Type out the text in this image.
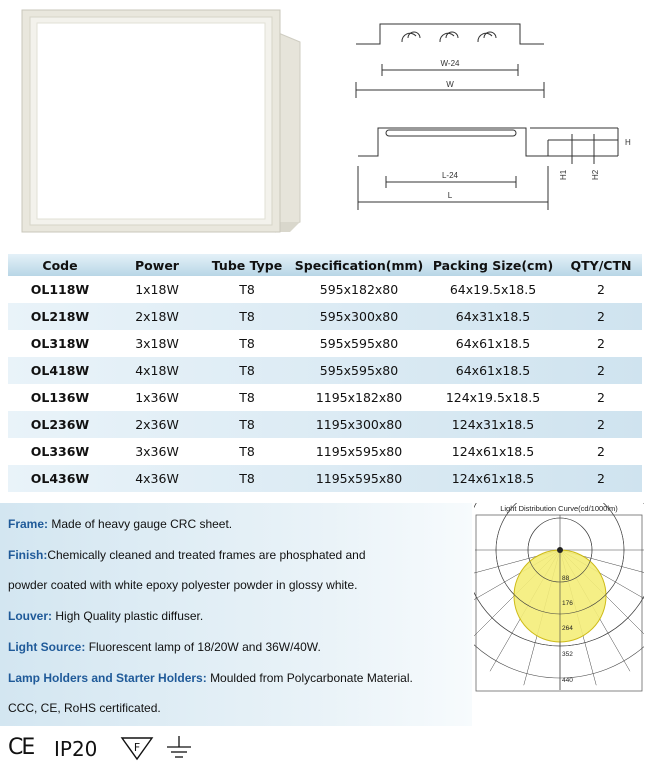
W-24
W
H
H1	H2
L-24
L
Code	Power	Tube Type	Specification(mm)	Packing Size(cm)	QTY/CTN
OL118W	1x18W	T8	595x182x80	64x19.5x18.5	2
OL218W	2x18W	T8	595x300x80	64x31x18.5	2
OL318W	3x18W	T8	595x595x80	64x61x18.5	2
OL418W	4x18W	T8	595x595x80	64x61x18.5	2
OL136W	1x36W	T8	1195x182x80	124x19.5x18.5	2
OL236W	2x36W	T8	1195x300x80	124x31x18.5	2
OL336W	3x36W	T8	1195x595x80	124x61x18.5	2
OL436W	4x36W	T8	1195x595x80	124x61x18.5	2
Frame: Made of heavy gauge CRC sheet.
Finish:Chemically cleaned and treated frames are phosphated and
powder coated with white epoxy polyester powder in glossy white.
Louver: High Quality plastic diffuser.
Light Source: Fluorescent lamp of 18/20W and 36W/40W.
Lamp Holders and Starter Holders: Moulded from Polycarbonate Material.
CCC, CE, RoHS certificated.
Light Distribution Curve(cd/1000lm)
88
176
264
352
440
CE IP20	F
